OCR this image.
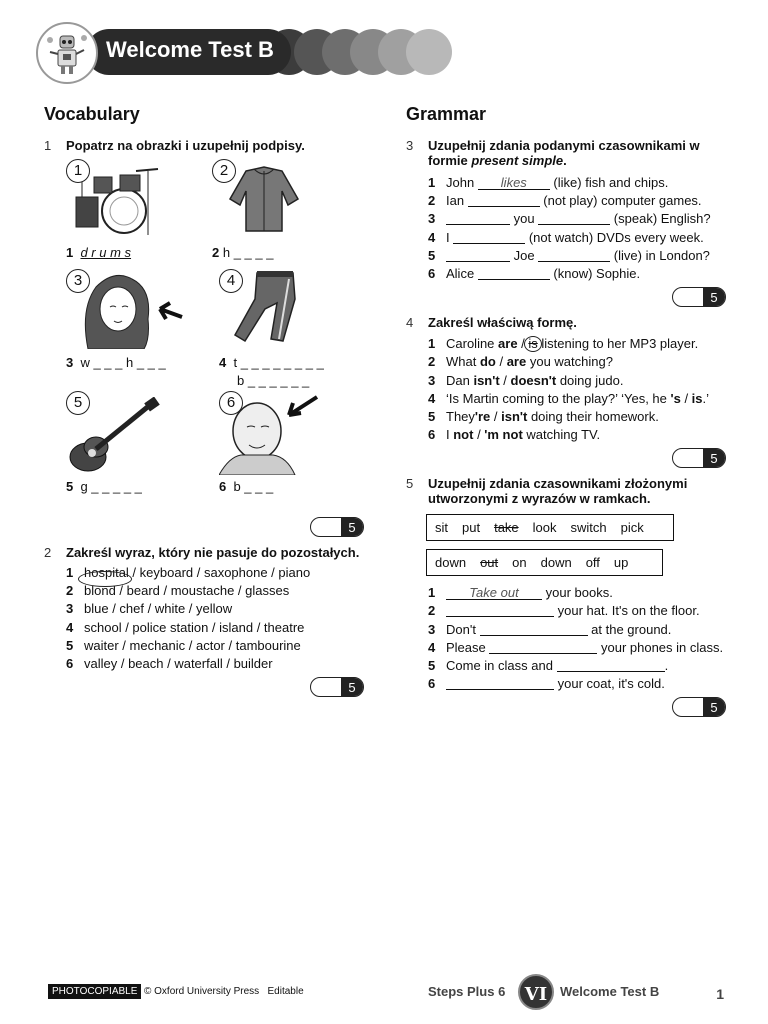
Welcome Test B
Vocabulary
1 Popatrz na obrazki i uzupełnij podpisy.
1
1 d r u m s
2
2 h _ _ _ _
3
3 w _ _ _ h _ _ _
4
4 t _ _ _ _ _ _ _ _
b _ _ _ _ _ _
5
5 g _ _ _ _ _
6
6 b _ _ _
5
2 Zakreśl wyraz, który nie pasuje do pozostałych.
1 hospital / keyboard / saxophone / piano
2 blond / beard / moustache / glasses
3 blue / chef / white / yellow
4 school / police station / island / theatre
5 waiter / mechanic / actor / tambourine
6 valley / beach / waterfall / builder
5
Grammar
3 Uzupełnij zdania podanymi czasownikami w formie present simple.
1 John likes (like) fish and chips.
2 Ian	(not play) computer games.
3	you	(speak) English?
4 I	(not watch) DVDs every week.
5	Joe	(live) in London?
6 Alice	(know) Sophie.
5
4 Zakreśl właściwą formę.
1 Caroline are / is listening to her MP3 player.
2 What do / are you watching?
3 Dan isn't / doesn't doing judo.
4 ‘Is Martin coming to the play?’ ‘Yes, he 's / is.’
5 They're / isn't doing their homework.
6 I not / 'm not watching TV.
5
5 Uzupełnij zdania czasownikami złożonymi utworzonymi z wyrazów w ramkach.
sit put take look switch pick
down out on down off up
1	Take out your books.
2	your hat. It's on the floor.
3 Don't	at the ground.
4 Please	your phones in class.
5 Come in class and	.
6	your coat, it's cold.
5
PHOTOCOPIABLE © Oxford University Press Editable	Steps Plus 6	VI
dla klasy
Welcome Test B	1
